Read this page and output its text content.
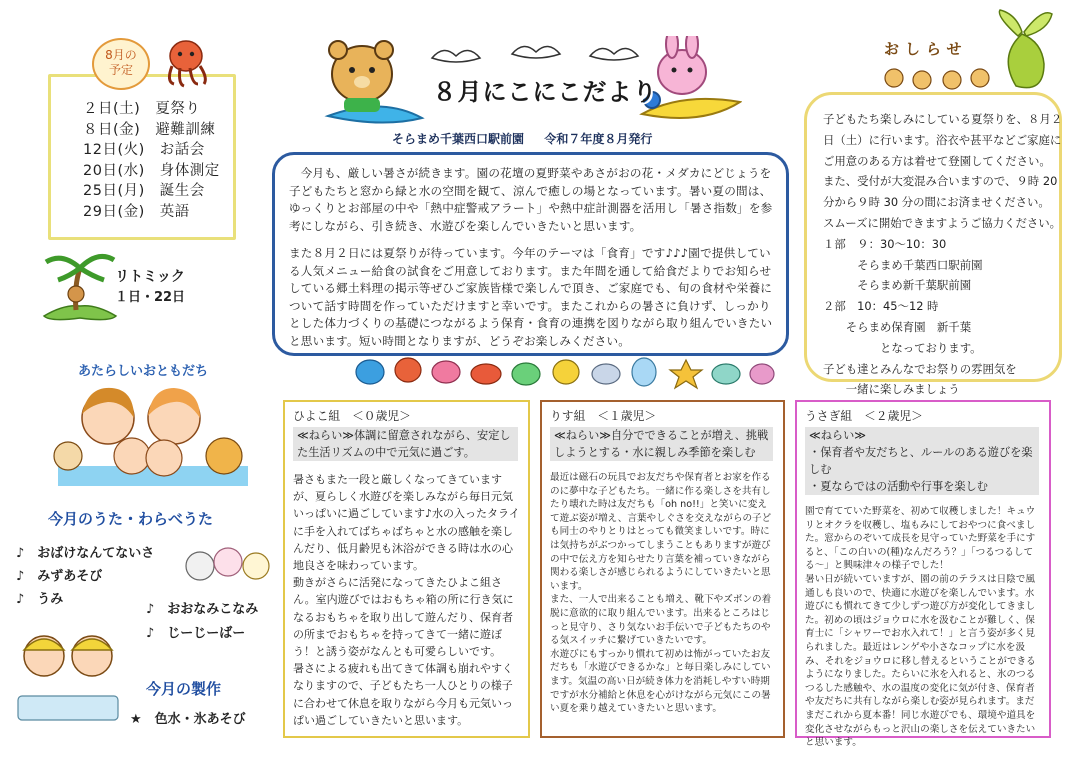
８月にこにこだより
そらまめ千葉西口駅前園 　 令和７年度８月発行
おしらせ
２日(土)　夏祭り
８日(金)　避難訓練
12日(火)　お話会
20日(水)　身体測定
25日(月)　誕生会
29日(金)　英語
8月の
予定
リトミック
１日・22日
あたらしいおともだち
今月のうた・わらべうた
♪　おばけなんてないさ
♪　みずあそび
♪　うみ
♪　おおなみこなみ
♪　じーじーばー
今月の製作
★　色水・氷あそび

今月も、厳しい暑さが続きます。園の花壇の夏野菜やあさがおの花・メダカにどじょうを子どもたちと窓から緑と水の空間を観て、涼んで癒しの場となっています。暑い夏の間は、ゆっくりとお部屋の中や「熱中症警戒アラート」や熱中症計測器を活用し「暑さ指数」を参考にしながら、引き続き、水遊びを楽しんでいきたいと思います。

また８月２日には夏祭りが待っています。今年のテーマは「食育」です♪♪♪園で提供している人気メニュー給食の試食をご用意しております。また年間を通して給食だよりでお知らせしている郷土料理の掲示等ぜひご家族皆様で楽しんで頂き、ご家庭でも、旬の食材や栄養について話す時間を作っていただけますと幸いです。またこれからの暑さに負けず、しっかりとした体力づくりの基礎につながるよう保育・食育の連携を図りながら取り組んでいきたいと思います。短い時間となりますが、どうぞお楽しみください。

子どもたち楽しみにしている夏祭りを、８月２

日（土）に行います。浴衣や甚平などご家庭に

ご用意のある方は着せて登園してください。

また、受付が大変混み合いますので、９時 20

分から９時 30 分の間にお済ませください。

スムーズに開始できますようご協力ください。

１部　９：30～10：30

　　　そらまめ千葉西口駅前園

　　　そらまめ新千葉駅前園

２部　10：45～12 時

　　そらまめ保育園　新千葉

　　　　　となっております。

子ども達とみんなでお祭りの雰囲気を

　　一緒に楽しみましょう

ひよこ組　＜０歳児＞
≪ねらい≫体調に留意されながら、安定した生活リズムの中で元気に過ごす。

暑さもまた一段と厳しくなってきていますが、夏らしく水遊びを楽しみながら毎日元気いっぱいに過ごしています♪水の入ったタライに手を入れてばちゃばちゃと水の感触を楽しんだり、低月齢児も沐浴ができる時は水の心地良さを味わっています。

動きがさらに活発になってきたひよこ組さん。室内遊びではおもちゃ箱の所に行き気になるおもちゃを取り出して遊んだり、保育者の所までおもちゃを持ってきて一緒に遊ぼう！と誘う姿がなんとも可愛らしいです。

暑さによる疲れも出てきて体調も崩れやすくなりますので、子どもたち一人ひとりの様子に合わせて休息を取りながら今月も元気いっぱい過ごしていきたいと思います。

りす組　＜１歳児＞
≪ねらい≫自分でできることが増え、挑戦しようとする・水に親しみ季節を楽しむ

最近は磁石の玩具でお友だちや保育者とお家を作るのに夢中な子どもたち。一緒に作る楽しさを共有したり壊れた時は友だちも「oh no!!」と笑いに変えて遊ぶ姿が増え、言葉やしぐさを交えながらの子ども同士のやりとりはとっても微笑ましいです。時には気持ちがぶつかってしまうこともありますが遊びの中で伝え方を知らせたり言葉を補っていきながら関わる楽しさが感じられるようにしていきたいと思います。

また、一人で出来ることも増え、靴下やズボンの着脱に意欲的に取り組んでいます。出来るところはじっと見守り、さり気ないお手伝いで子どもたちのやる気スイッチに繋げていきたいです。

水遊びにもすっかり慣れて初めは怖がっていたお友だちも「水遊びできるかな」と毎日楽しみにしています。気温の高い日が続き体力を消耗しやすい時期ですが水分補給と休息を心がけながら元気にこの暑い夏を乗り越えていきたいと思います。

うさぎ組　＜２歳児＞
≪ねらい≫
・保育者や友だちと、ルールのある遊びを楽しむ
・夏ならではの活動や行事を楽しむ

園で育てていた野菜を、初めて収穫しました！キュウリとオクラを収穫し、塩もみにしておやつに食べました。窓からのぞいて成長を見守っていた野菜を手にすると、「この白いの(種)なんだろう？」「つるつるしてる～」と興味津々の様子でした！

暑い日が続いていますが、園の前のテラスは日陰で風通しも良いので、快適に水遊びを楽しんでいます。水遊びにも慣れてきて少しずつ遊び方が変化してきました。初めの頃はジョウロに水を汲むことが難しく、保育士に「シャワーでお水入れて！」と言う姿が多く見られました。最近はレンゲや小さなコップに水を汲み、それをジョウロに移し替えるということができるようになりました。たらいに氷を入れると、氷のつるつるした感触や、水の温度の変化に気が付き、保育者や友だちに共有しながら楽しむ姿が見られます。まだまだこれから夏本番！同じ水遊びでも、環境や道具を変化させながらもっと沢山の楽しさを伝えていきたいと思います。
